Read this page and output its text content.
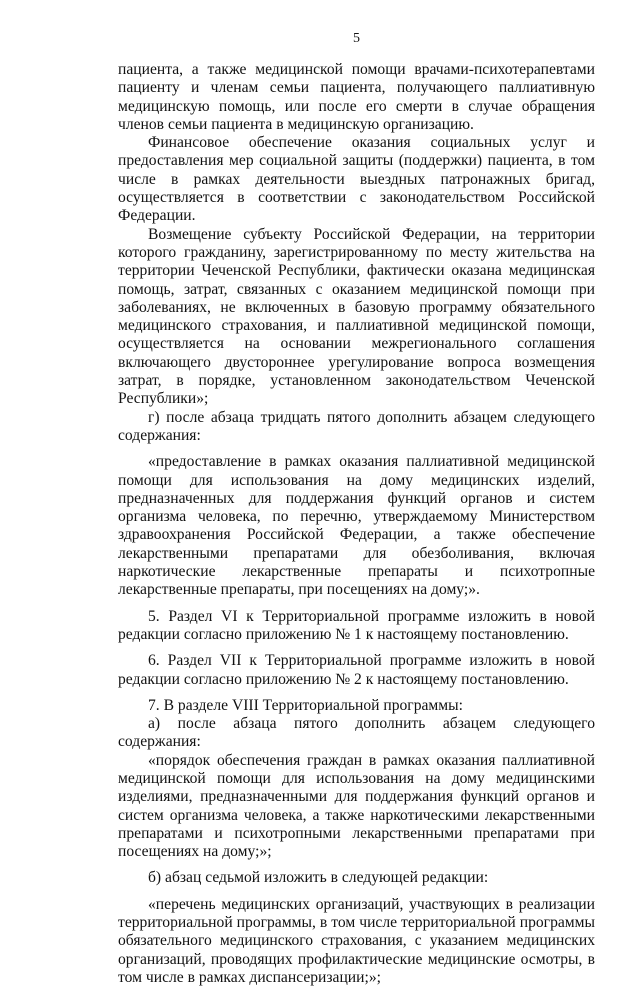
5

пациента, а также медицинской помощи врачами-психотерапевтами пациенту и членам семьи пациента, получающего паллиативную медицинскую помощь, или после его смерти в случае обращения членов семьи пациента в медицинскую организацию.

Финансовое обеспечение оказания социальных услуг и предоставления мер социальной защиты (поддержки) пациента, в том числе в рамках деятельности выездных патронажных бригад, осуществляется в соответствии с законодательством Российской Федерации.

Возмещение субъекту Российской Федерации, на территории которого гражданину, зарегистрированному по месту жительства на территории Чеченской Республики, фактически оказана медицинская помощь, затрат, связанных с оказанием медицинской помощи при заболеваниях, не включенных в базовую программу обязательного медицинского страхования, и паллиативной медицинской помощи, осуществляется на основании межрегионального соглашения включающего двустороннее урегулирование вопроса возмещения затрат, в порядке, установленном законодательством Чеченской Республики»;

г) после абзаца тридцать пятого дополнить абзацем следующего содержания:

«предоставление в рамках оказания паллиативной медицинской помощи для использования на дому медицинских изделий, предназначенных для поддержания функций органов и систем организма человека, по перечню, утверждаемому Министерством здравоохранения Российской Федерации, а также обеспечение лекарственными препаратами для обезболивания, включая наркотические лекарственные препараты и психотропные лекарственные препараты, при посещениях на дому;».

5. Раздел VI к Территориальной программе изложить в новой редакции согласно приложению № 1 к настоящему постановлению.

6. Раздел VII к Территориальной программе изложить в новой редакции согласно приложению № 2 к настоящему постановлению.

7. В разделе VIII Территориальной программы:

а) после абзаца пятого дополнить абзацем следующего содержания:

«порядок обеспечения граждан в рамках оказания паллиативной медицинской помощи для использования на дому медицинскими изделиями, предназначенными для поддержания функций органов и систем организма человека, а также наркотическими лекарственными препаратами и психотропными лекарственными препаратами при посещениях на дому;»;

б) абзац седьмой изложить в следующей редакции:

«перечень медицинских организаций, участвующих в реализации территориальной программы, в том числе территориальной программы обязательного медицинского страхования, с указанием медицинских организаций, проводящих профилактические медицинские осмотры, в том числе в рамках диспансеризации;»;
